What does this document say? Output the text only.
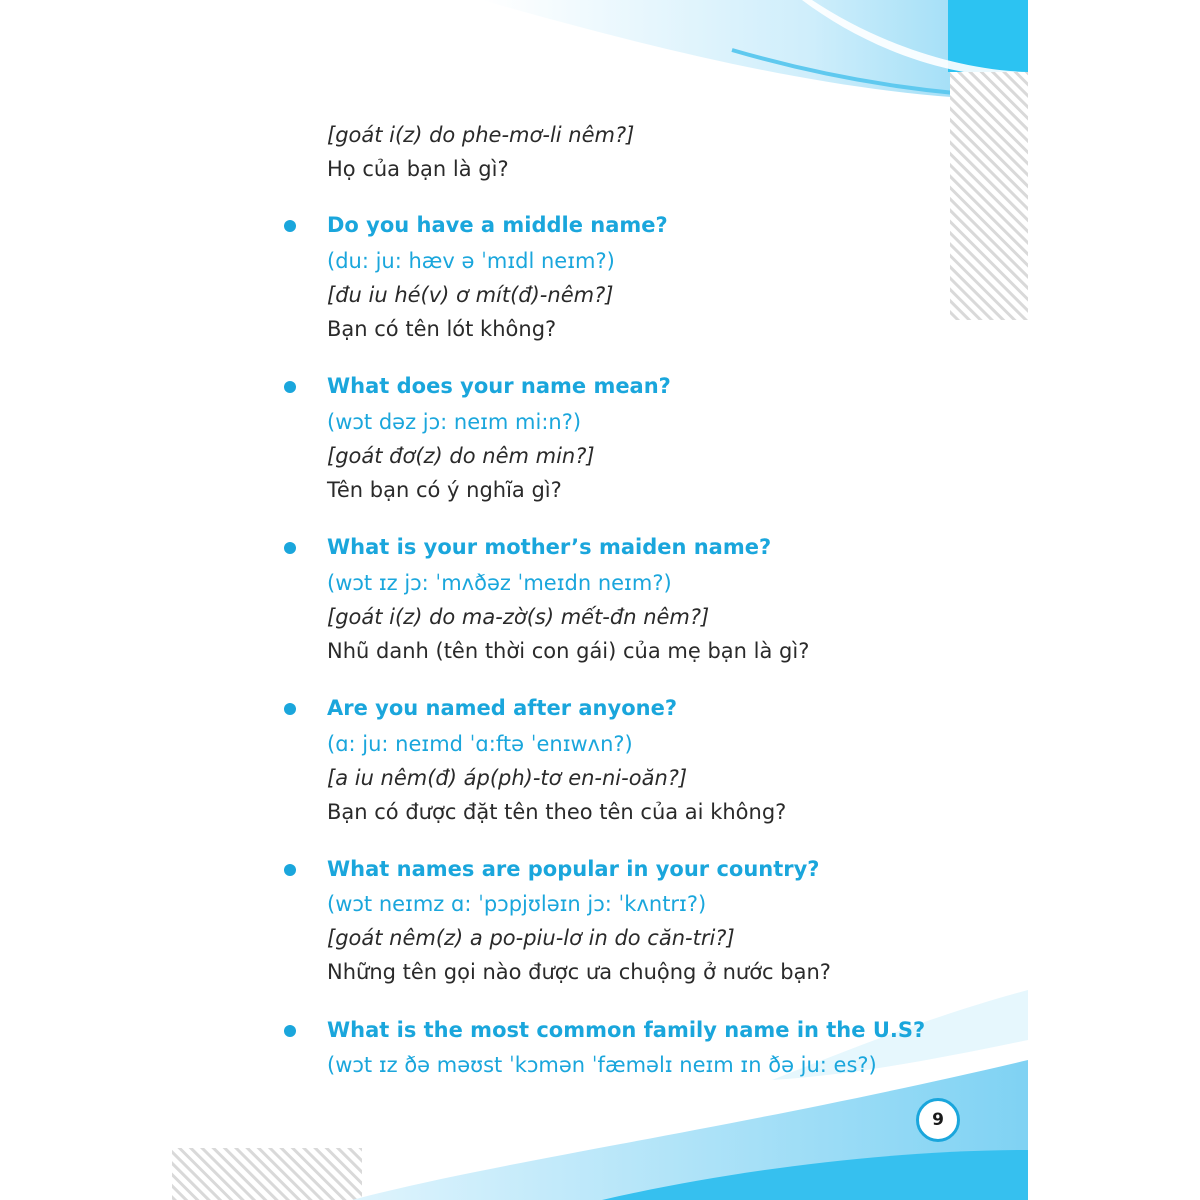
[goát i(z) do phe-mơ-li nêm?]
Họ của bạn là gì?
Do you have a middle name?
(du: ju: hæv ə ˈmɪdl neɪm?)
[đu iu hé(v) ơ mít(đ)-nêm?]
Bạn có tên lót không?
What does your name mean?
(wɔt dəz jɔ: neɪm mi:n?)
[goát đơ(z) do nêm min?]
Tên bạn có ý nghĩa gì?
What is your mother’s maiden name?
(wɔt ɪz jɔ: ˈmʌðəz ˈmeɪdn neɪm?)
[goát i(z) do ma-zờ(s) mết-đn nêm?]
Nhũ danh (tên thời con gái) của mẹ bạn là gì?
Are you named after anyone?
(ɑ: ju: neɪmd ˈɑ:ftə ˈenɪwʌn?)
[a iu nêm(đ) áp(ph)-tơ en-ni-oăn?]
Bạn có được đặt tên theo tên của ai không?
What names are popular in your country?
(wɔt neɪmz ɑ: ˈpɔpjʊləɪn jɔ: ˈkʌntrɪ?)
[goát nêm(z) a po-piu-lơ in do căn-tri?]
Những tên gọi nào được ưa chuộng ở nước bạn?
What is the most common family name in the U.S?
(wɔt ɪz ðə məʊst ˈkɔmən ˈfæməlɪ neɪm ɪn ðə ju: es?)
9
